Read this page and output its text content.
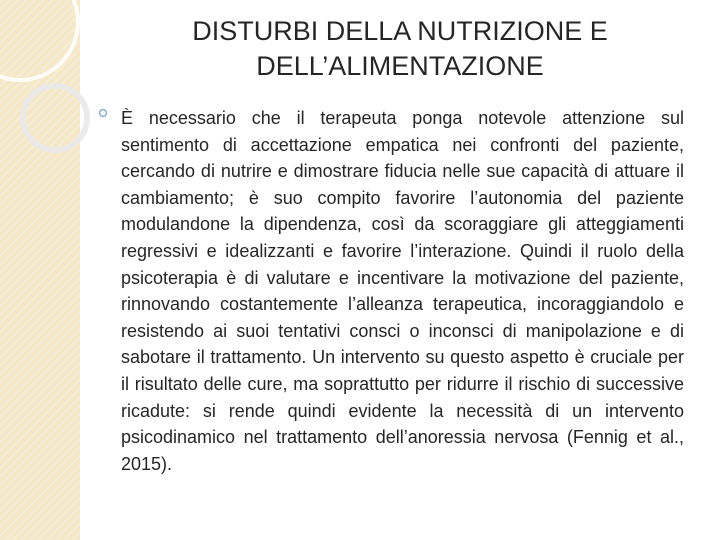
DISTURBI DELLA NUTRIZIONE E
DELL’ALIMENTAZIONE

È necessario che il terapeuta ponga notevole attenzione sul sentimento di accettazione empatica nei confronti del paziente, cercando di nutrire e dimostrare fiducia nelle sue capacità di attuare il cambiamento; è suo compito favorire l’autonomia del paziente modulandone la dipendenza, così da scoraggiare gli atteggiamenti regressivi e idealizzanti e favorire l’interazione. Quindi il ruolo della psicoterapia è di valutare e incentivare la motivazione del paziente, rinnovando costantemente l’alleanza terapeutica, incoraggiandolo e resistendo ai suoi tentativi consci o inconsci di manipolazione e di sabotare il trattamento. Un intervento su questo aspetto è cruciale per il risultato delle cure, ma soprattutto per ridurre il rischio di successive ricadute: si rende quindi evidente la necessità di un intervento psicodinamico nel trattamento dell’anoressia nervosa (Fennig et al., 2015).
